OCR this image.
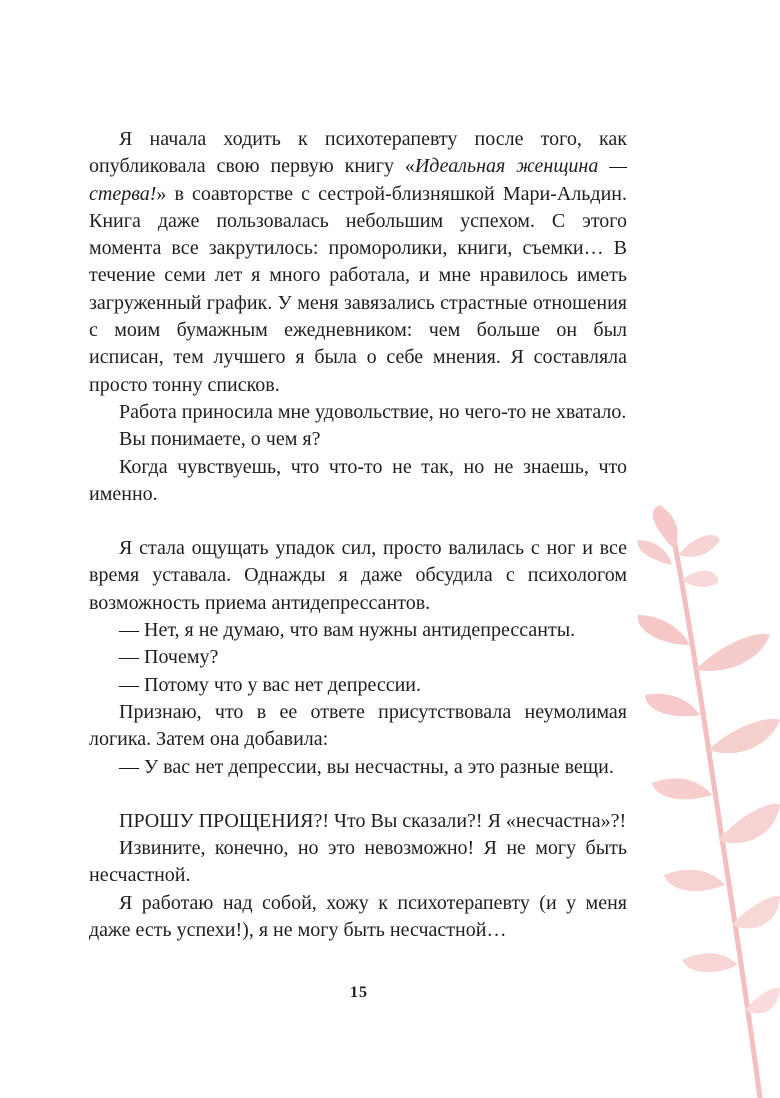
Я начала ходить к психотерапевту после того, как опубликовала свою первую книгу «Идеальная женщина — стерва!» в соавторстве с сестрой-близняшкой Мари-Альдин. Книга даже пользовалась небольшим успехом. С этого момента все закрутилось: проморолики, книги, съемки… В течение семи лет я много работала, и мне нравилось иметь загруженный график. У меня завязались страстные отношения с моим бумажным ежедневником: чем больше он был исписан, тем лучшего я была о себе мнения. Я составляла просто тонну списков.

Работа приносила мне удовольствие, но чего-то не хватало.

Вы понимаете, о чем я?

Когда чувствуешь, что что-то не так, но не знаешь, что именно.

Я стала ощущать упадок сил, просто валилась с ног и все время уставала. Однажды я даже обсудила с психологом возможность приема антидепрессантов.

— Нет, я не думаю, что вам нужны антидепрессанты.

— Почему?

— Потому что у вас нет депрессии.

Признаю, что в ее ответе присутствовала неумолимая логика. Затем она добавила:

— У вас нет депрессии, вы несчастны, а это разные вещи.

ПРОШУ ПРОЩЕНИЯ?! Что Вы сказали?! Я «несчастна»?!

Извините, конечно, но это невозможно! Я не могу быть несчастной.

Я работаю над собой, хожу к психотерапевту (и у меня даже есть успехи!), я не могу быть несчастной…

15
